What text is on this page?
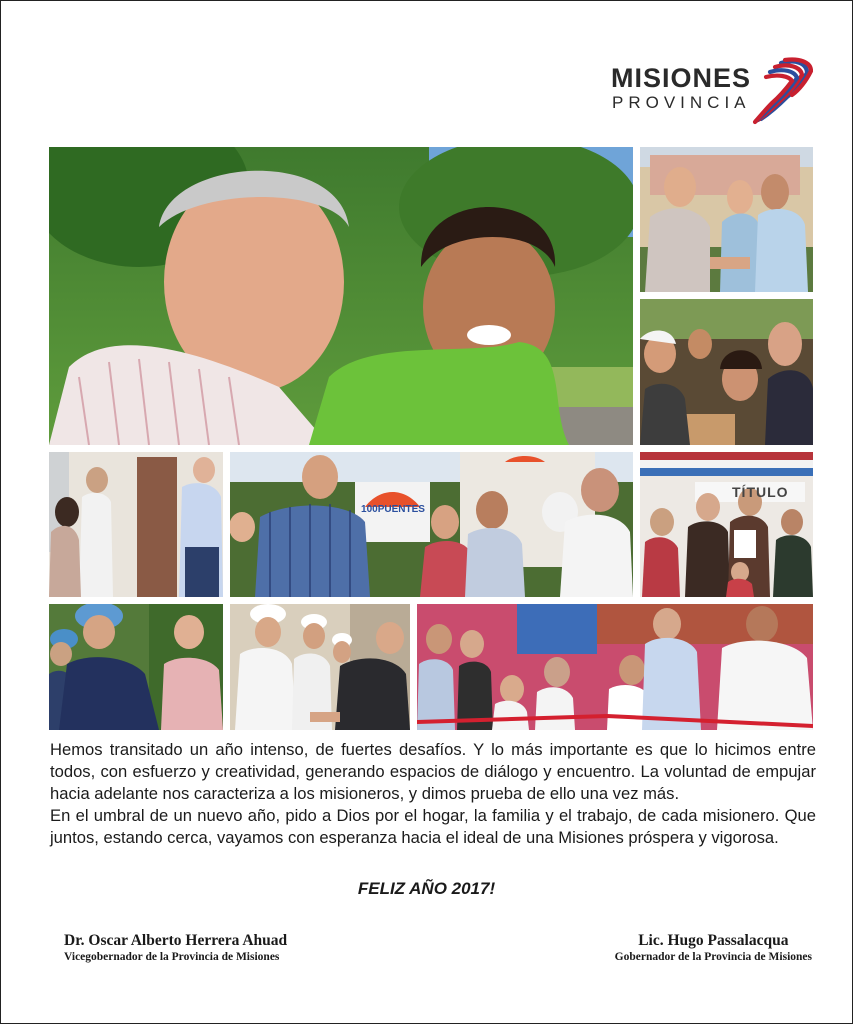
MISIONES
PROVINCIA
100PUENTES
TÍTULO

Hemos transitado un año intenso, de fuertes desafíos. Y lo más importante es que lo hicimos entre todos, con esfuerzo y creatividad, generando espacios de diálogo y encuentro. La voluntad de empujar hacia adelante nos caracteriza a los misioneros, y dimos prueba de ello una vez más.

En el umbral de un nuevo año, pido a Dios por el hogar, la familia y el trabajo, de cada misionero. Que juntos, estando cerca, vayamos con esperanza hacia el ideal de una Misiones próspera y vigorosa.

FELIZ AÑO 2017!
Dr. Oscar Alberto Herrera Ahuad
Vicegobernador de la Provincia de Misiones
Lic. Hugo Passalacqua
Gobernador de la Provincia de Misiones
